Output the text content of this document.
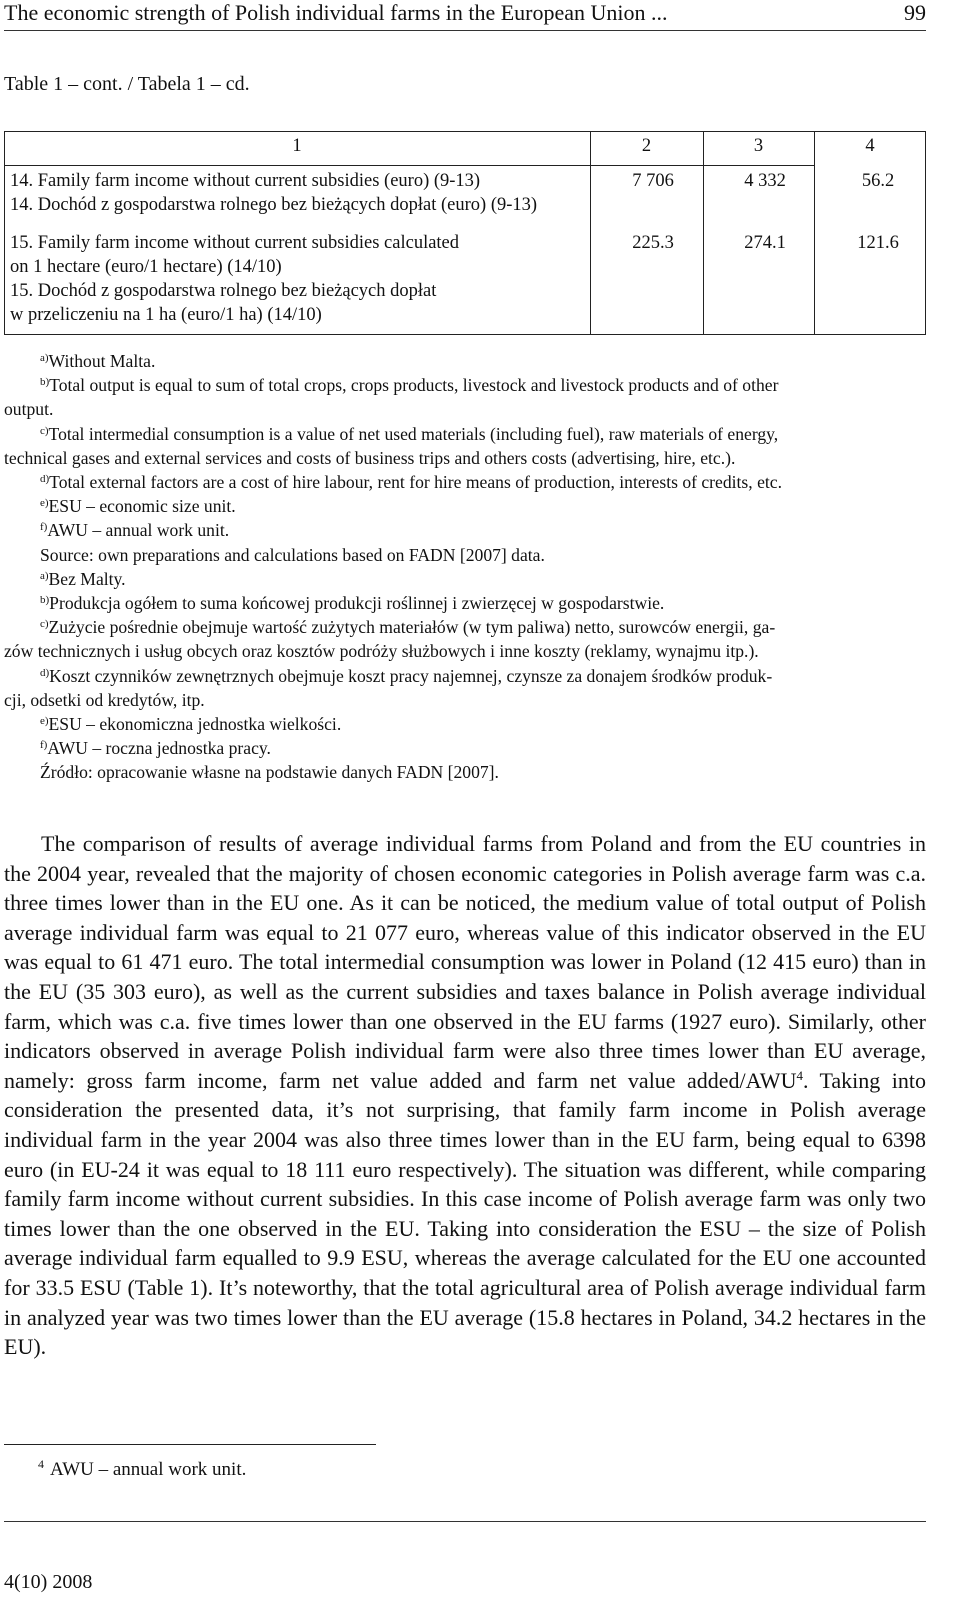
The economic strength of Polish individual farms in the European Union ...	99
Table 1 – cont. / Tabela 1 – cd.
1	2	3	4
14. Family farm income without current subsidies (euro) (9-13)
14. Dochód z gospodarstwa rolnego bez bieżących dopłat (euro) (9-13)
7 706	4 332	56.2
15. Family farm income without current subsidies calculated
on 1 hectare (euro/1 hectare) (14/10)
15. Dochód z gospodarstwa rolnego bez bieżących dopłat
w przeliczeniu na 1 ha (euro/1 ha) (14/10)
225.3	274.1	121.6

$^{a)}$Without Malta.

$^{b)}$Total output is equal to sum of total crops, crops products, livestock and livestock products and of other

output.

$^{c)}$Total intermedial consumption is a value of net used materials (including fuel), raw materials of energy,

technical gases and external services and costs of business trips and others costs (advertising, hire, etc.).

$^{d)}$Total external factors are a cost of hire labour, rent for hire means of production, interests of credits, etc.

$^{e)}$ESU – economic size unit.

$^{f)}$AWU – annual work unit.

Source: own preparations and calculations based on FADN [2007] data.

$^{a)}$Bez Malty.

$^{b)}$Produkcja ogółem to suma końcowej produkcji roślinnej i zwierzęcej w gospodarstwie.

$^{c)}$Zużycie pośrednie obejmuje wartość zużytych materiałów (w tym paliwa) netto, surowców energii, ga-

zów technicznych i usług obcych oraz kosztów podróży służbowych i inne koszty (reklamy, wynajmu itp.).

$^{d)}$Koszt czynników zewnętrznych obejmuje koszt pracy najemnej, czynsze za donajem środków produk-

cji, odsetki od kredytów, itp.

$^{e)}$ESU – ekonomiczna jednostka wielkości.

$^{f)}$AWU – roczna jednostka pracy.

Źródło: opracowanie własne na podstawie danych FADN [2007].

The comparison of results of average individual farms from Poland and from the EU countries in the 2004 year, revealed that the majority of chosen economic categories in Polish average farm was c.a. three times lower than in the EU one. As it can be noticed, the medium value of total output of Polish average individual farm was equal to 21 077 euro, whereas value of this indicator observed in the EU was equal to 61 471 euro. The total intermedial consumption was lower in Poland (12 415 euro) than in the EU (35 303 euro), as well as the current subsidies and taxes balance in Polish average individual farm, which was c.a. five times lower than one observed in the EU farms (1927 euro). Similarly, other indicators observed in average Polish individual farm were also three times lower than EU average, namely: gross farm income, farm net value added and farm net value added/AWU$^4$. Taking into consideration the presented data, it’s not surprising, that family farm income in Polish average individual farm in the year 2004 was also three times lower than in the EU farm, being equal to 6398 euro (in EU-24 it was equal to 18 111 euro respectively). The situation was different, while comparing family farm income without current subsidies. In this case income of Polish average farm was only two times lower than the one observed in the EU. Taking into consideration the ESU – the size of Polish average individual farm equalled to 9.9 ESU, whereas the average calculated for the EU one accounted for 33.5 ESU (Table 1). It’s noteworthy, that the total agricultural area of Polish average individual farm in analyzed year was two times lower than the EU average (15.8 hectares in Poland, 34.2 hectares in the EU).

$^4$ AWU – annual work unit.
4(10) 2008
